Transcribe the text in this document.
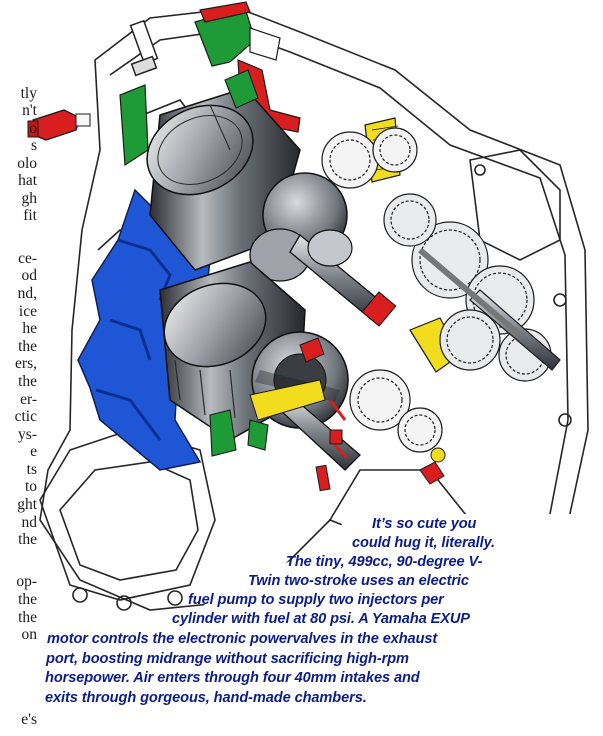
tly

n't

o

s

olo

hat

gh

fit

ce-

od

nd,

ice

he

the

ers,

the

er-

ctic

ys-

e

ts

to

ght

nd

the

op-

the

the

on

e's

It’s so cute you

could hug it, literally.

The tiny, 499cc, 90-degree V-

Twin two-stroke uses an electric

fuel pump to supply two injectors per

cylinder with fuel at 80 psi. A Yamaha EXUP

motor controls the electronic powervalves in the exhaust

port, boosting midrange without sacrificing high-rpm

horsepower. Air enters through four 40mm intakes and

exits through gorgeous, hand-made chambers.
